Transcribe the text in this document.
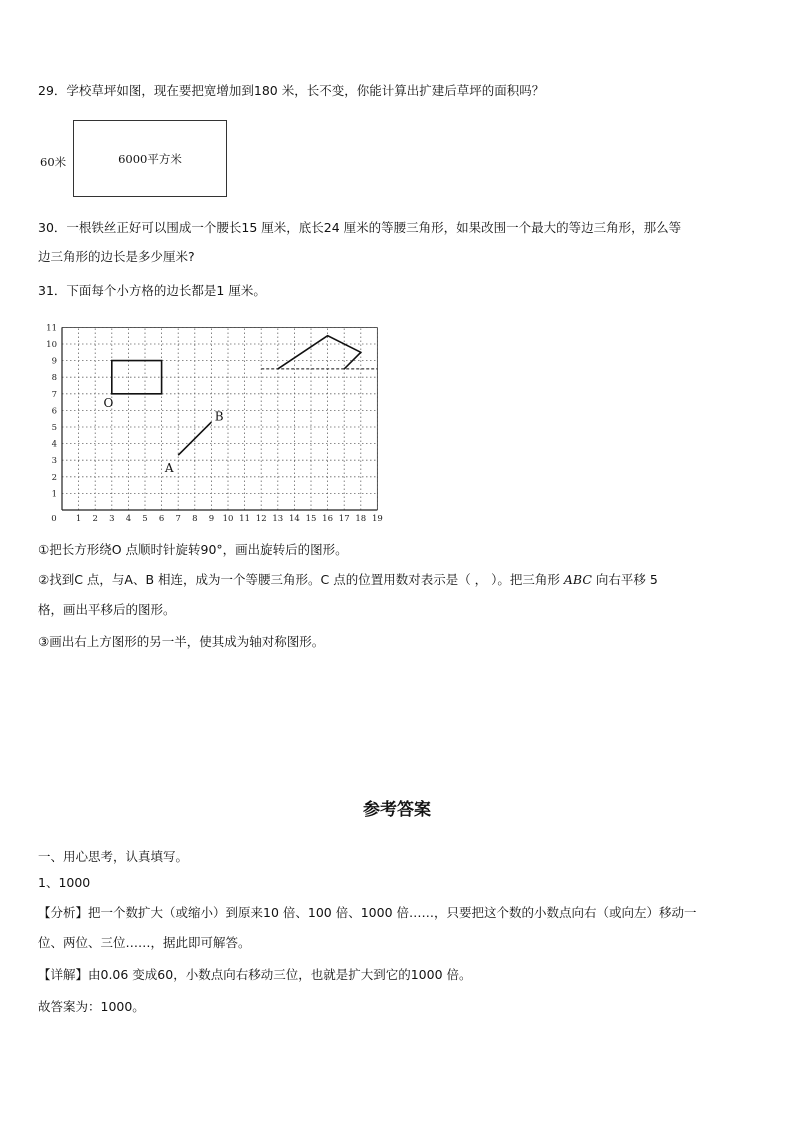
29．学校草坪如图，现在要把宽增加到180 米，长不变，你能计算出扩建后草坪的面积吗？
60米	6000平方米
30．一根铁丝正好可以围成一个腰长15 厘米，底长24 厘米的等腰三角形，如果改围一个最大的等边三角形，那么等
边三角形的边长是多少厘米?
31．下面每个小方格的边长都是1 厘米。
0 1 2 3 4 5 6 7 8 9 10 11 12 13 14 15 16 17 18 19
1
2
3
4
5
6
7
8
9
10
11
O
A
B
①把长方形绕O 点顺时针旋转90°，画出旋转后的图形。
②找到C 点，与A、B 相连，成为一个等腰三角形。C 点的位置用数对表示是（ ， ）。把三角形 ABC 向右平移 5
格，画出平移后的图形。
③画出右上方图形的另一半，使其成为轴对称图形。
参考答案
一、用心思考，认真填写。
1、1000
【分析】把一个数扩大（或缩小）到原来10 倍、100 倍、1000 倍……，只要把这个数的小数点向右（或向左）移动一
位、两位、三位……，据此即可解答。
【详解】由0.06 变成60，小数点向右移动三位，也就是扩大到它的1000 倍。
故答案为：1000。
